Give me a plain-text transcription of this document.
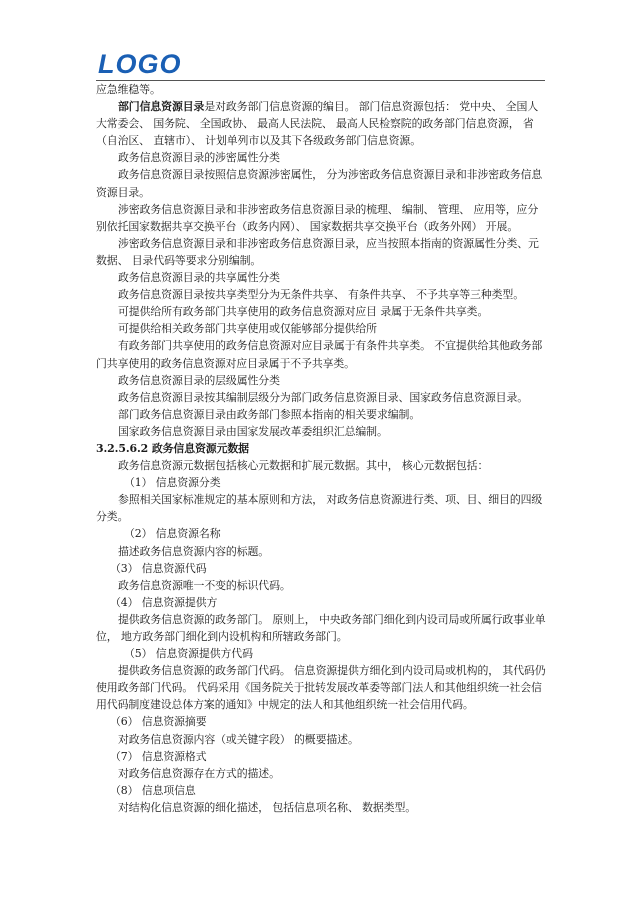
LOGO

应急维稳等。

部门信息资源目录是对政务部门信息资源的编目。 部门信息资源包括： 党中央、 全国人大常委会、 国务院、 全国政协、 最高人民法院、 最高人民检察院的政务部门信息资源， 省（自治区、 直辖市）、 计划单列市以及其下各级政务部门信息资源。

政务信息资源目录的涉密属性分类

政务信息资源目录按照信息资源涉密属性， 分为涉密政务信息资源目录和非涉密政务信息资源目录。

涉密政务信息资源目录和非涉密政务信息资源目录的梳理、 编制、 管理、 应用等，应分别依托国家数据共享交换平台（政务内网）、 国家数据共享交换平台（政务外网） 开展。

涉密政务信息资源目录和非涉密政务信息资源目录，应当按照本指南的资源属性分类、元数据、 目录代码等要求分别编制。

政务信息资源目录的共享属性分类

政务信息资源目录按共享类型分为无条件共享、 有条件共享、 不予共享等三种类型。

可提供给所有政务部门共享使用的政务信息资源对应目 录属于无条件共享类。

可提供给相关政务部门共享使用或仅能够部分提供给所

有政务部门共享使用的政务信息资源对应目录属于有条件共享类。 不宜提供给其他政务部门共享使用的政务信息资源对应目录属于不予共享类。

政务信息资源目录的层级属性分类

政务信息资源目录按其编制层级分为部门政务信息资源目录、国家政务信息资源目录。

部门政务信息资源目录由政务部门参照本指南的相关要求编制。

国家政务信息资源目录由国家发展改革委组织汇总编制。

3.2.5.6.2 政务信息资源元数据

政务信息资源元数据包括核心元数据和扩展元数据。其中， 核心元数据包括：

（1） 信息资源分类

参照相关国家标准规定的基本原则和方法， 对政务信息资源进行类、项、目、细目的四级分类。

（2） 信息资源名称

描述政务信息资源内容的标题。

（3） 信息资源代码

政务信息资源唯一不变的标识代码。

（4） 信息资源提供方

提供政务信息资源的政务部门。 原则上， 中央政务部门细化到内设司局或所属行政事业单位， 地方政务部门细化到内设机构和所辖政务部门。

（5） 信息资源提供方代码

提供政务信息资源的政务部门代码。 信息资源提供方细化到内设司局或机构的， 其代码仍使用政务部门代码。 代码采用《国务院关于批转发展改革委等部门法人和其他组织统一社会信用代码制度建设总体方案的通知》中规定的法人和其他组织统一社会信用代码。

（6） 信息资源摘要

对政务信息资源内容（或关键字段） 的概要描述。

（7） 信息资源格式

对政务信息资源存在方式的描述。

（8） 信息项信息

对结构化信息资源的细化描述， 包括信息项名称、 数据类型。
